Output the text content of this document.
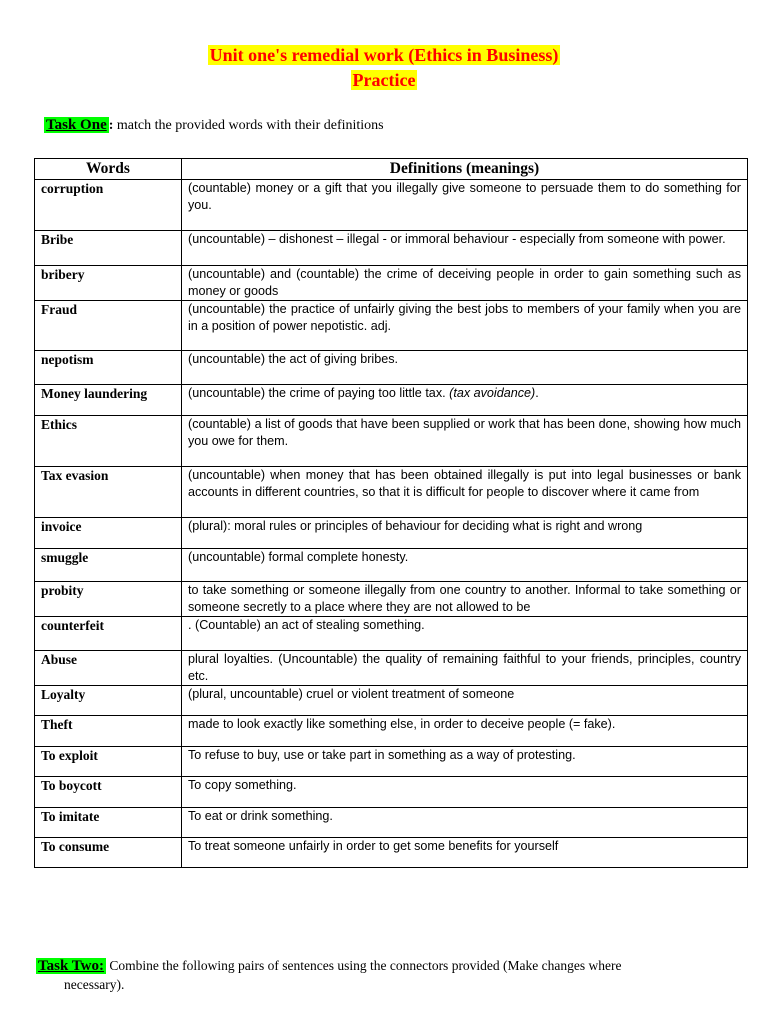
Unit one's remedial work (Ethics in Business)
Practice
Task One : match the provided words with their definitions
Words	Definitions (meanings)
corruption	(countable) money or a gift that you illegally give someone to persuade them to do something for you.
Bribe	(uncountable) – dishonest – illegal - or immoral behaviour - especially from someone with power.
bribery	(uncountable) and (countable) the crime of deceiving people in order to gain something such as money or goods
Fraud	(uncountable) the practice of unfairly giving the best jobs to members of your family when you are in a position of power nepotistic. adj.
nepotism	(uncountable) the act of giving bribes.
Money laundering	(uncountable) the crime of paying too little tax. (tax avoidance).
Ethics	(countable) a list of goods that have been supplied or work that has been done, showing how much you owe for them.
Tax evasion	(uncountable) when money that has been obtained illegally is put into legal businesses or bank accounts in different countries, so that it is difficult for people to discover where it came from
invoice	(plural): moral rules or principles of behaviour for deciding what is right and wrong
smuggle	(uncountable) formal complete honesty.
probity	to take something or someone illegally from one country to another. Informal to take something or someone secretly to a place where they are not allowed to be
counterfeit	. (Countable) an act of stealing something.
Abuse	plural loyalties. (Uncountable) the quality of remaining faithful to your friends, principles, country etc.
Loyalty	(plural, uncountable) cruel or violent treatment of someone
Theft	made to look exactly like something else, in order to deceive people (= fake).
To exploit	To refuse to buy, use or take part in something as a way of protesting.
To boycott	To copy something.
To imitate	To eat or drink something.
To consume	To treat someone unfairly in order to get some benefits for yourself
Task Two: Combine the following pairs of sentences using the connectors provided (Make changes where
necessary).
